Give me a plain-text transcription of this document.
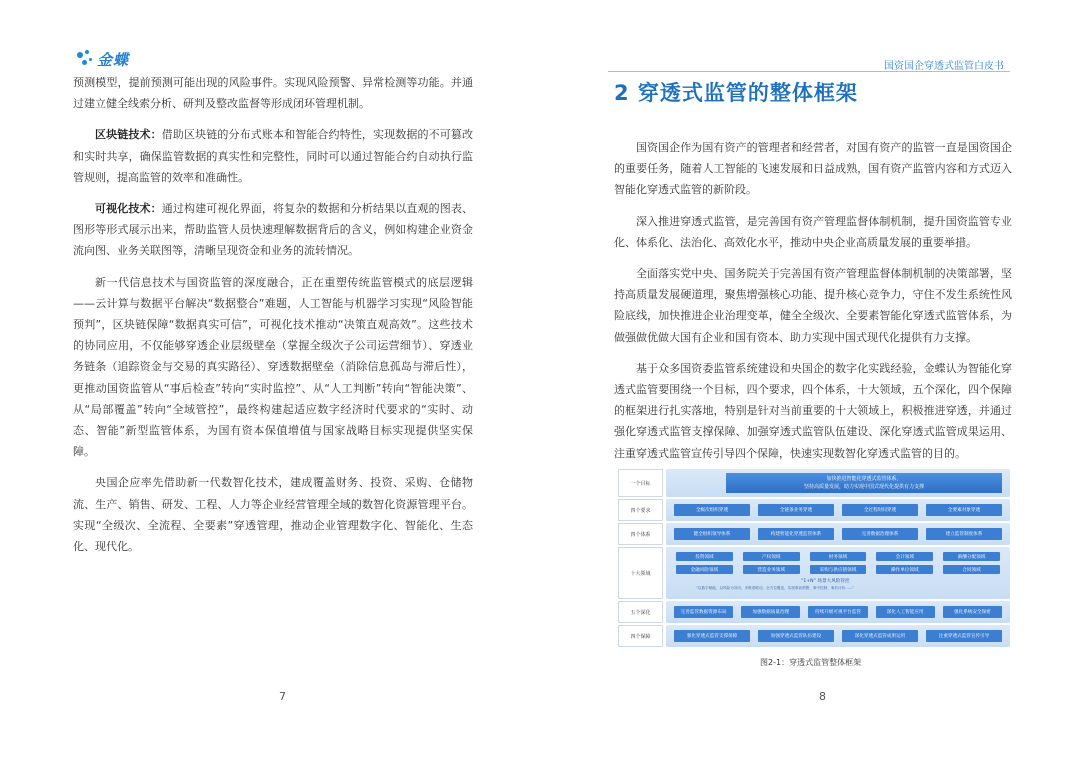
金蝶

预测模型，提前预测可能出现的风险事件。实现风险预警、异常检测等功能。并通过建立健全线索分析、研判及整改监督等形成闭环管理机制。

区块链技术：借助区块链的分布式账本和智能合约特性，实现数据的不可篡改和实时共享，确保监管数据的真实性和完整性，同时可以通过智能合约自动执行监管规则，提高监管的效率和准确性。

可视化技术：通过构建可视化界面，将复杂的数据和分析结果以直观的图表、图形等形式展示出来，帮助监管人员快速理解数据背后的含义，例如构建企业资金流向图、业务关联图等，清晰呈现资金和业务的流转情况。

新一代信息技术与国资监管的深度融合，正在重塑传统监管模式的底层逻辑——云计算与数据平台解决“数据整合”难题，人工智能与机器学习实现“风险智能预判”，区块链保障“数据真实可信”，可视化技术推动“决策直观高效”。这些技术的协同应用，不仅能够穿透企业层级壁垒（掌握全级次子公司运营细节）、穿透业务链条（追踪资金与交易的真实路径）、穿透数据壁垒（消除信息孤岛与滞后性），更推动国资监管从“事后检查”转向“实时监控”、从“人工判断”转向“智能决策”、从“局部覆盖”转向“全域管控”，最终构建起适应数字经济时代要求的“实时、动态、智能”新型监管体系，为国有资本保值增值与国家战略目标实现提供坚实保障。

央国企应率先借助新一代数智化技术，建成覆盖财务、投资、采购、仓储物流、生产、销售、研发、工程、人力等企业经营管理全域的数智化资源管理平台。实现“全级次、全流程、全要素”穿透管理，推动企业管理数字化、智能化、生态化、现代化。

7
国资国企穿透式监管白皮书
2 穿透式监管的整体框架

国资国企作为国有资产的管理者和经营者，对国有资产的监管一直是国资国企的重要任务，随着人工智能的飞速发展和日益成熟，国有资产监管内容和方式迈入智能化穿透式监管的新阶段。

深入推进穿透式监管，是完善国有资产管理监督体制机制，提升国资监管专业化、体系化、法治化、高效化水平，推动中央企业高质量发展的重要举措。

全面落实党中央、国务院关于完善国有资产管理监督体制机制的决策部署，坚持高质量发展硬道理，聚焦增强核心功能、提升核心竞争力，守住不发生系统性风险底线，加快推进企业治理变革，健全全级次、全要素智能化穿透式监管体系，为做强做优做大国有企业和国有资本、助力实现中国式现代化提供有力支撑。

基于众多国资委监管系统建设和央国企的数字化实践经验，金蝶认为智能化穿透式监管要围绕一个目标，四个要求，四个体系，十大领域，五个深化，四个保障的框架进行扎实落地，特别是针对当前重要的十大领域上，积极推进穿透，并通过强化穿透式监管支撑保障、加强穿透式监管队伍建设、深化穿透式监管成果运用、注重穿透式监管宣传引导四个保障，快速实现数智化穿透式监管的目的。

一个目标
加快推进智能化穿透式监管体系，
坚持高质量发展，助力实现中国式现代化提供有力支撑
四个要求	全级次组织穿透	全链条业务穿透	全过程时间穿透	全要素对象穿透
四个体系	健全组织领导体系	构建智能化穿透监管体系	完善数据治理体系	建立监管制度体系
十大领域
投资领域	产权领域	财务领域	会计领域	薪酬分配领域
金融风险领域	营造业务领域	采购与供应链领域	操作单位领域	合同领域
“1+N” 场景大风险管控
“以数字赋能，以风险为导向，多维度联动，全方位覆盖，实现事前预警、事中控制、事后评价……”
五个深化	完善监管数据资源布局	加强数据质量治理	持续升级可视平台监管	深化人工智能应用	强化系统安全保密
四个保障	强化穿透式监管支撑保障	加强穿透式监管队伍建设	深化穿透式监管成果运用	注重穿透式监管宣传引导
图2-1：穿透式监管整体框架
8
